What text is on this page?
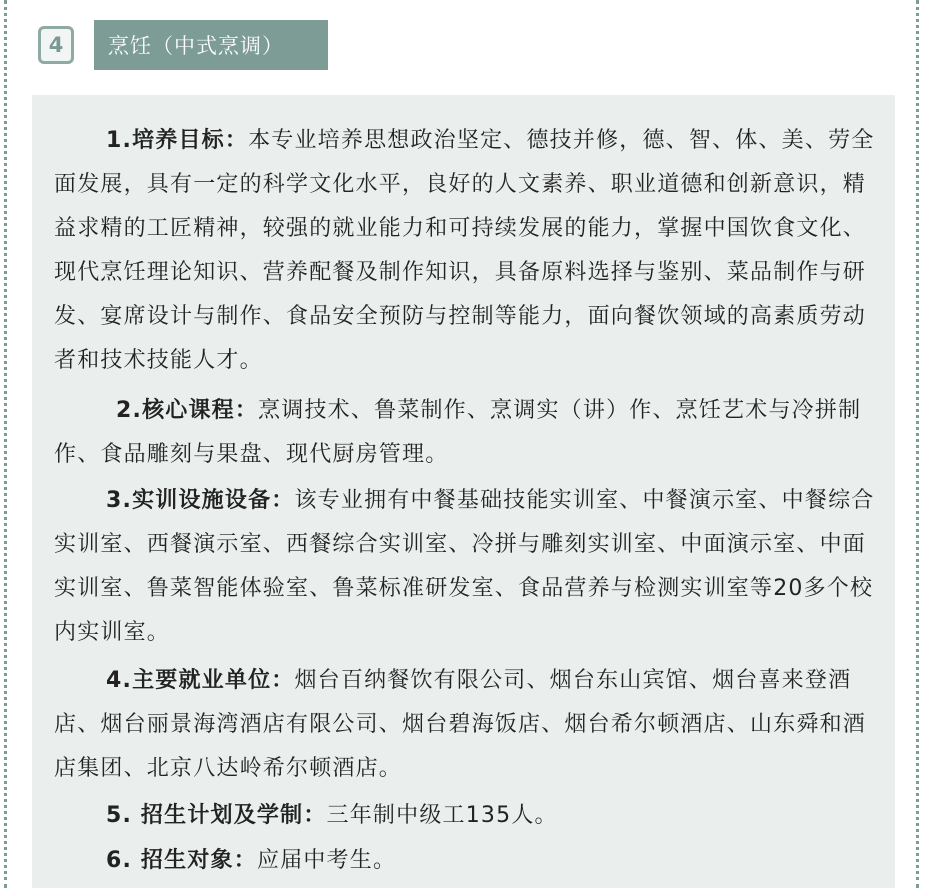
4	烹饪（中式烹调）

1.培养目标：本专业培养思想政治坚定、德技并修，德、智、体、美、劳全面发展，具有一定的科学文化水平，良好的人文素养、职业道德和创新意识，精益求精的工匠精神，较强的就业能力和可持续发展的能力，掌握中国饮食文化、现代烹饪理论知识、营养配餐及制作知识，具备原料选择与鉴别、菜品制作与研发、宴席设计与制作、食品安全预防与控制等能力，面向餐饮领域的高素质劳动者和技术技能人才。

2.核心课程：烹调技术、鲁菜制作、烹调实（讲）作、烹饪艺术与冷拼制作、食品雕刻与果盘、现代厨房管理。

3.实训设施设备：该专业拥有中餐基础技能实训室、中餐演示室、中餐综合实训室、西餐演示室、西餐综合实训室、冷拼与雕刻实训室、中面演示室、中面实训室、鲁菜智能体验室、鲁菜标准研发室、食品营养与检测实训室等20多个校内实训室。

4.主要就业单位：烟台百纳餐饮有限公司、烟台东山宾馆、烟台喜来登酒店、烟台丽景海湾酒店有限公司、烟台碧海饭店、烟台希尔顿酒店、山东舜和酒店集团、北京八达岭希尔顿酒店。

5. 招生计划及学制：三年制中级工135人。

6. 招生对象：应届中考生。
